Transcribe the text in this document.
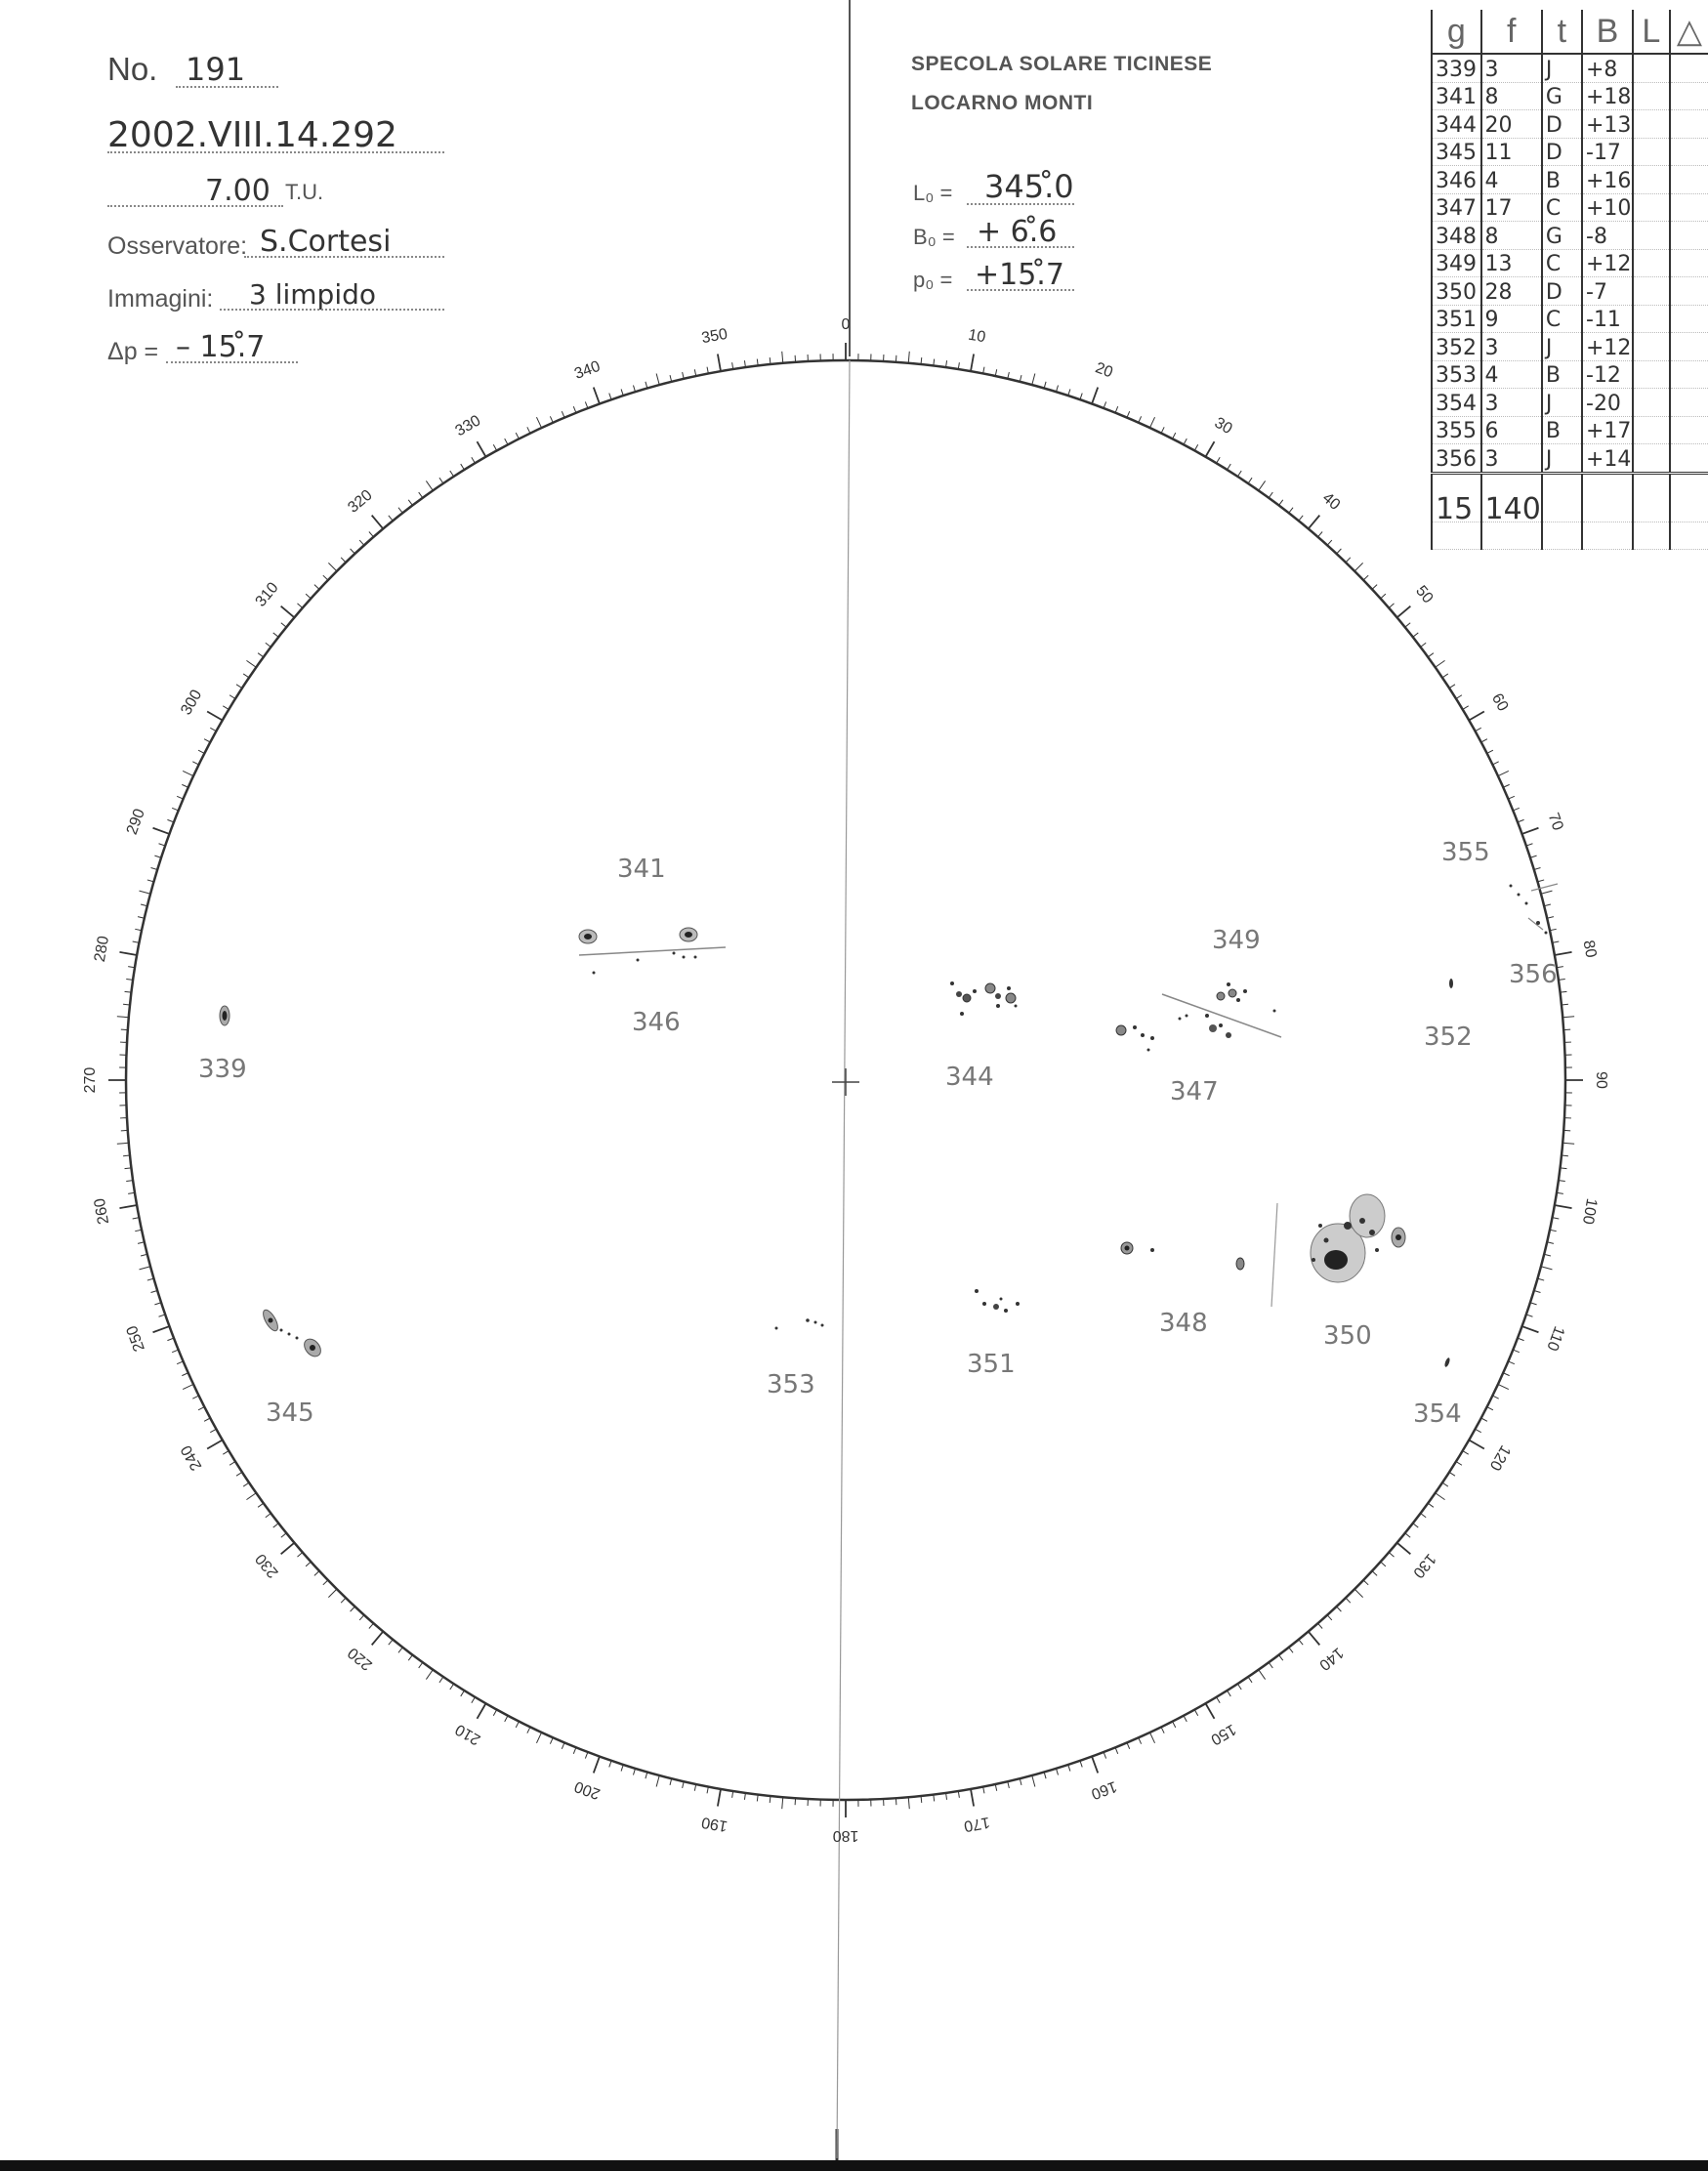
0
10
20
30
40
50
60
70
80
90
100
110
120
130
140
150
160
170
180
190
200
210
220
230
240
250
260
270
280
290
300
310
320
330
340
350
No. 191
2002.VIII.14.292
7.00 T.U.
Osservatore: S.Cortesi
Immagini: 3 limpido
Δp = – 15.̊7
SPECOLA SOLARE TICINESE
LOCARNO MONTI
L₀ = 345.̊0
B₀ = + 6.̊6
p₀ = +15.̊7
g	f	t	B	L	△
339	3	J	+8		
341	8	G	+18		
344	20	D	+13		
345	11	D	-17		
346	4	B	+16		
347	17	C	+10		
348	8	G	-8		
349	13	C	+12		
350	28	D	-7		
351	9	C	-11		
352	3	J	+12		
353	4	B	-12		
354	3	J	-20		
355	6	B	+17		
356	3	J	+14		
15	140				

339
341
344
345
346
347
348
349
350
351
352
353
354
355
356
